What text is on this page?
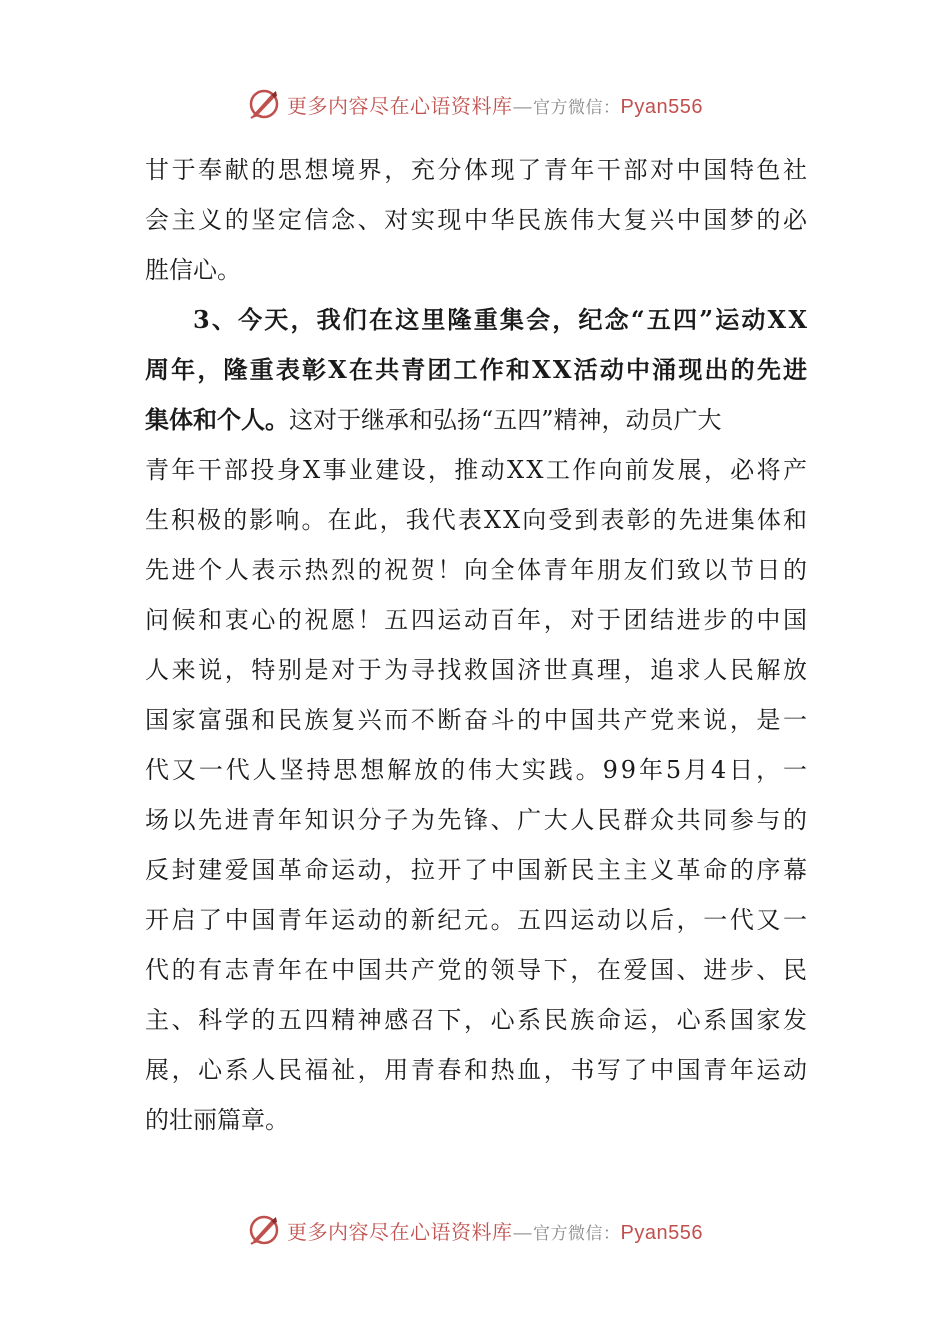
更多内容尽在心语资料库—官方微信：Pyan556
甘于奉献的思想境界，充分体现了青年干部对中国特色社
会主义的坚定信念、对实现中华民族伟大复兴中国梦的必
胜信心。
3、今天，我们在这里隆重集会，纪念“五四”运动XX
周年，隆重表彰X在共青团工作和XX活动中涌现出的先进
集体和个人。 这对于继承和弘扬“五四”精神，动员广大
青年干部投身X事业建设，推动XX工作向前发展，必将产
生积极的影响。在此，我代表XX向受到表彰的先进集体和
先进个人表示热烈的祝贺！向全体青年朋友们致以节日的
问候和衷心的祝愿！五四运动百年，对于团结进步的中国
人来说，特别是对于为寻找救国济世真理，追求人民解放
国家富强和民族复兴而不断奋斗的中国共产党来说，是一
代又一代人坚持思想解放的伟大实践。99年5月4日，一
场以先进青年知识分子为先锋、广大人民群众共同参与的
反封建爱国革命运动，拉开了中国新民主主义革命的序幕
开启了中国青年运动的新纪元。五四运动以后，一代又一
代的有志青年在中国共产党的领导下，在爱国、进步、民
主、科学的五四精神感召下，心系民族命运，心系国家发
展，心系人民福祉，用青春和热血，书写了中国青年运动
的壮丽篇章。
更多内容尽在心语资料库—官方微信：Pyan556
